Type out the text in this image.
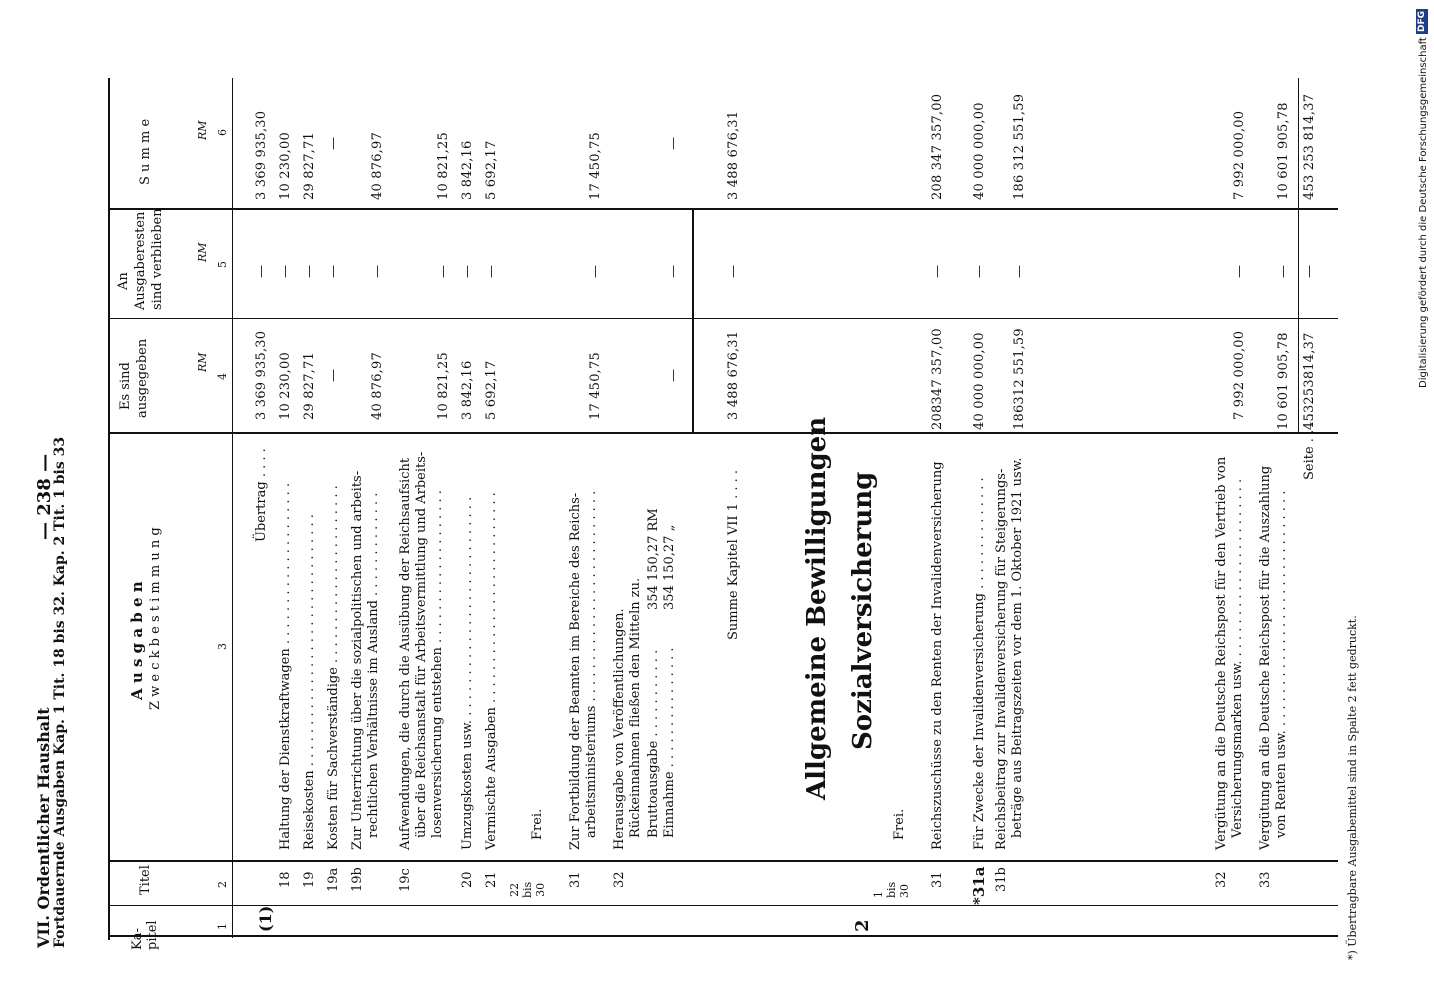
VII. Ordentlicher Haushalt Fortdauernde Ausgaben Kap. 1 Tit. 18 bis 32. Kap. 2 Tit. 1 bis 33
— 238 —
Ka-
pitel
Titel
A u s g a b e n Z w e c k b e s t i m m u n g
Es sind ausgegeben
An Ausgaberesten sind verblieben
S u m m e
RM
RM
RM
1
2
3
4
5
6
(1)	2
Übertrag . . . .
3 369 935,30
—
3 369 935,30
18
Haltung der Dienstkraftwagen . . . . . . . . . . . . . . . . . . . .
10 230,00
—
10 230,00
19
Reisekosten . . . . . . . . . . . . . . . . . . . . . . . . . . . . . . .
29 827,71
—
29 827,71
19a
Kosten für Sachverständige . . . . . . . . . . . . . . . . . . . . . .
—
—
—
19b
Zur Unterrichtung über die sozialpolitischen und arbeits- rechtlichen Verhältnisse im Ausland . . . . . . . . . . . . .
40 876,97
—
40 876,97
19c
Aufwendungen, die durch die Ausübung der Reichsaufsicht über die Reichsanstalt für Arbeitsvermittlung und Arbeits- losenversicherung entstehen . . . . . . . . . . . . . . . . . . .
10 821,25
—
10 821,25
20
Umzugskosten usw. . . . . . . . . . . . . . . . . . . . . . . . . . . .
3 842,16
—
3 842,16
21
Vermischte Ausgaben . . . . . . . . . . . . . . . . . . . . . . . . . .
5 692,17
—
5 692,17
22
bis
30
Frei.
31
Zur Fortbildung der Beamten im Bereiche des Reichs- arbeitsministeriums . . . . . . . . . . . . . . . . . . . . . . . . . .
17 450,75
—
17 450,75
32
Herausgabe von Veröffentlichungen. Rückeinnahmen fließen den Mitteln zu. Bruttoausgabe . . . . . . . . . . .
354 150,27 RM
Einnahme . . . . . . . . . . . . . . .
354 150,27 „
—
—
—
Summe Kapitel VII 1 . . . .
3 488 676,31
—
3 488 676,31
Allgemeine Bewilligungen Sozialversicherung
1
bis
30
Frei.
31
Reichszuschüsse zu den Renten der Invalidenversicherung
208347 357,00
—
208 347 357,00
*31a
Für Zwecke der Invalidenversicherung . . . . . . . . . . . . . .
40 000 000,00
—
40 000 000,00
31b
Reichsbeitrag zur Invalidenversicherung für Steigerungs- beträge aus Beitragszeiten vor dem 1. Oktober 1921 usw.
186312 551,59
—
186 312 551,59
32
Vergütung an die Deutsche Reichspost für den Vertrieb von Versicherungsmarken usw. . . . . . . . . . . . . . . . . . . . . . .
7 992 000,00
—
7 992 000,00
33
Vergütung an die Deutsche Reichspost für die Auszahlung von Renten usw. . . . . . . . . . . . . . . . . . . . . . . . . . . . . .
10 601 905,78
—
10 601 905,78
Seite . . . .
453253814,37
—
453 253 814,37
*) Übertragbare Ausgabemittel sind in Spalte 2 fett gedruckt.
DFG
Digitalisierung gefördert durch die Deutsche Forschungsgemeinschaft
